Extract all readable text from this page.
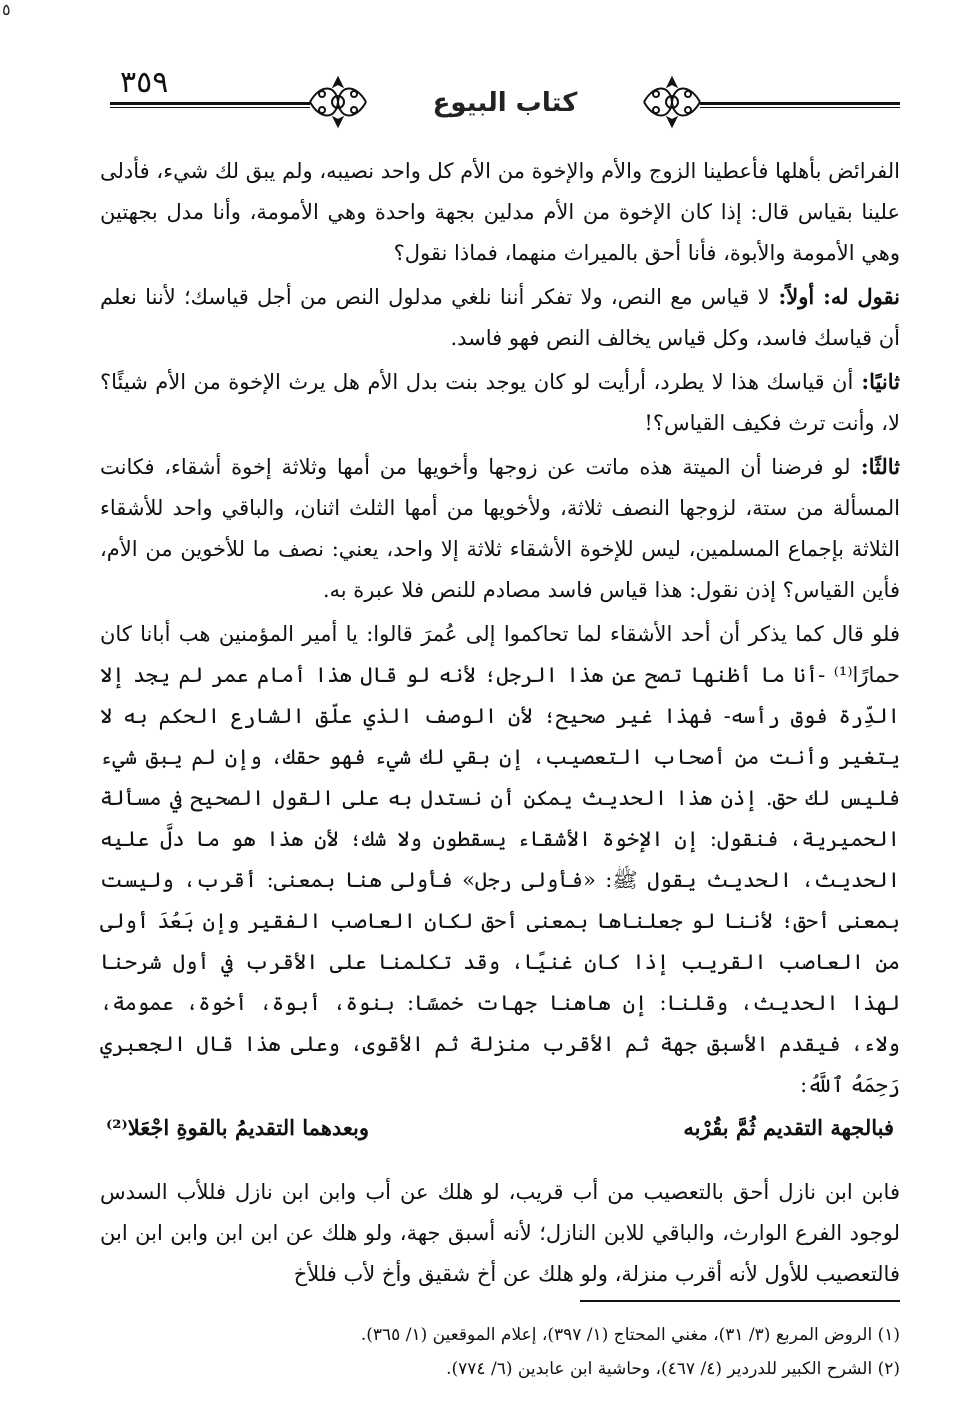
٥
٣٥٩
كتاب البيوع

الفرائض بأهلها فأعطينا الزوج والأم والإخوة من الأم كل واحد نصيبه، ولم يبق لك شيء، فأدلى علينا بقياس قال: إذا كان الإخوة من الأم مدلين بجهة واحدة وهي الأمومة، وأنا مدل بجهتين وهي الأمومة والأبوة، فأنا أحق بالميراث منهما، فماذا نقول؟

نقول له: أولاً: لا قياس مع النص، ولا تفكر أننا نلغي مدلول النص من أجل قياسك؛ لأننا نعلم أن قياسك فاسد، وكل قياس يخالف النص فهو فاسد.

ثانيًا: أن قياسك هذا لا يطرد، أرأيت لو كان يوجد بنت بدل الأم هل يرث الإخوة من الأم شيئًا؟ لا، وأنت ترث فكيف القياس؟!

ثالثًا: لو فرضنا أن الميتة هذه ماتت عن زوجها وأخويها من أمها وثلاثة إخوة أشقاء، فكانت المسألة من ستة، لزوجها النصف ثلاثة، ولأخويها من أمها الثلث اثنان، والباقي واحد للأشقاء الثلاثة بإجماع المسلمين، ليس للإخوة الأشقاء ثلاثة إلا واحد، يعني: نصف ما للأخوين من الأم، فأين القياس؟ إذن نقول: هذا قياس فاسد مصادم للنص فلا عبرة به.

فلو قال كما يذكر أن أحد الأشقاء لما تحاكموا إلى عُمرَ قالوا: يا أمير المؤمنين هب أبانا كان حمارًا⁽¹⁾ -أنا ما أظنها تصح عن هذا الرجل؛ لأنه لو قال هذا أمام عمر لم يجد إلا الدِّرة فوق رأسه- فهذا غير صحيح؛ لأن الوصف الذي علّق الشارع الحكم به لا يتغير وأنت من أصحاب التعصيب، إن بقي لك شيء فهو حقك، وإن لم يبق شيء فليس لك حق. إذن هذا الحديث يمكن أن نستدل به على القول الصحيح في مسألة الحميرية، فنقول: إن الإخوة الأشقاء يسقطون ولا شك؛ لأن هذا هو ما دلَّ عليه الحديث، الحديث يقول ﷺ: «فأولى رجل» فأولى هنا بمعنى: أقرب، وليست بمعنى أحق؛ لأننا لو جعلناها بمعنى أحق لكان العاصب الفقير وإن بَعُدَ أولى من العاصب القريب إذا كان غنيًا، وقد تكلمنا على الأقرب في أول شرحنا لهذا الحديث، وقلنا: إن هاهنا جهات خمسًا: بنوة، أبوة، أخوة، عمومة، ولاء، فيقدم الأسبق جهة ثم الأقرب منزلة ثم الأقوى، وعلى هذا قال الجعبري رَحِمَهُ ٱللَّهُ:

فبالجهة التقديم ثُمَّ بقُرْبه
وبعدهما التقديمُ بالقوةِ اجْعَلا⁽²⁾

فابن ابن نازل أحق بالتعصيب من أب قريب، لو هلك عن أب وابن ابن نازل فللأب السدس لوجود الفرع الوارث، والباقي للابن النازل؛ لأنه أسبق جهة، ولو هلك عن ابن ابن وابن ابن ابن فالتعصيب للأول لأنه أقرب منزلة، ولو هلك عن أخ شقيق وأخ لأب فللأخ

(١) الروض المربع (٣/ ٣١)، مغني المحتاج (١/ ٣٩٧)، إعلام الموقعين (١/ ٣٦٥).

(٢) الشرح الكبير للدردير (٤/ ٤٦٧)، وحاشية ابن عابدين (٦/ ٧٧٤).
